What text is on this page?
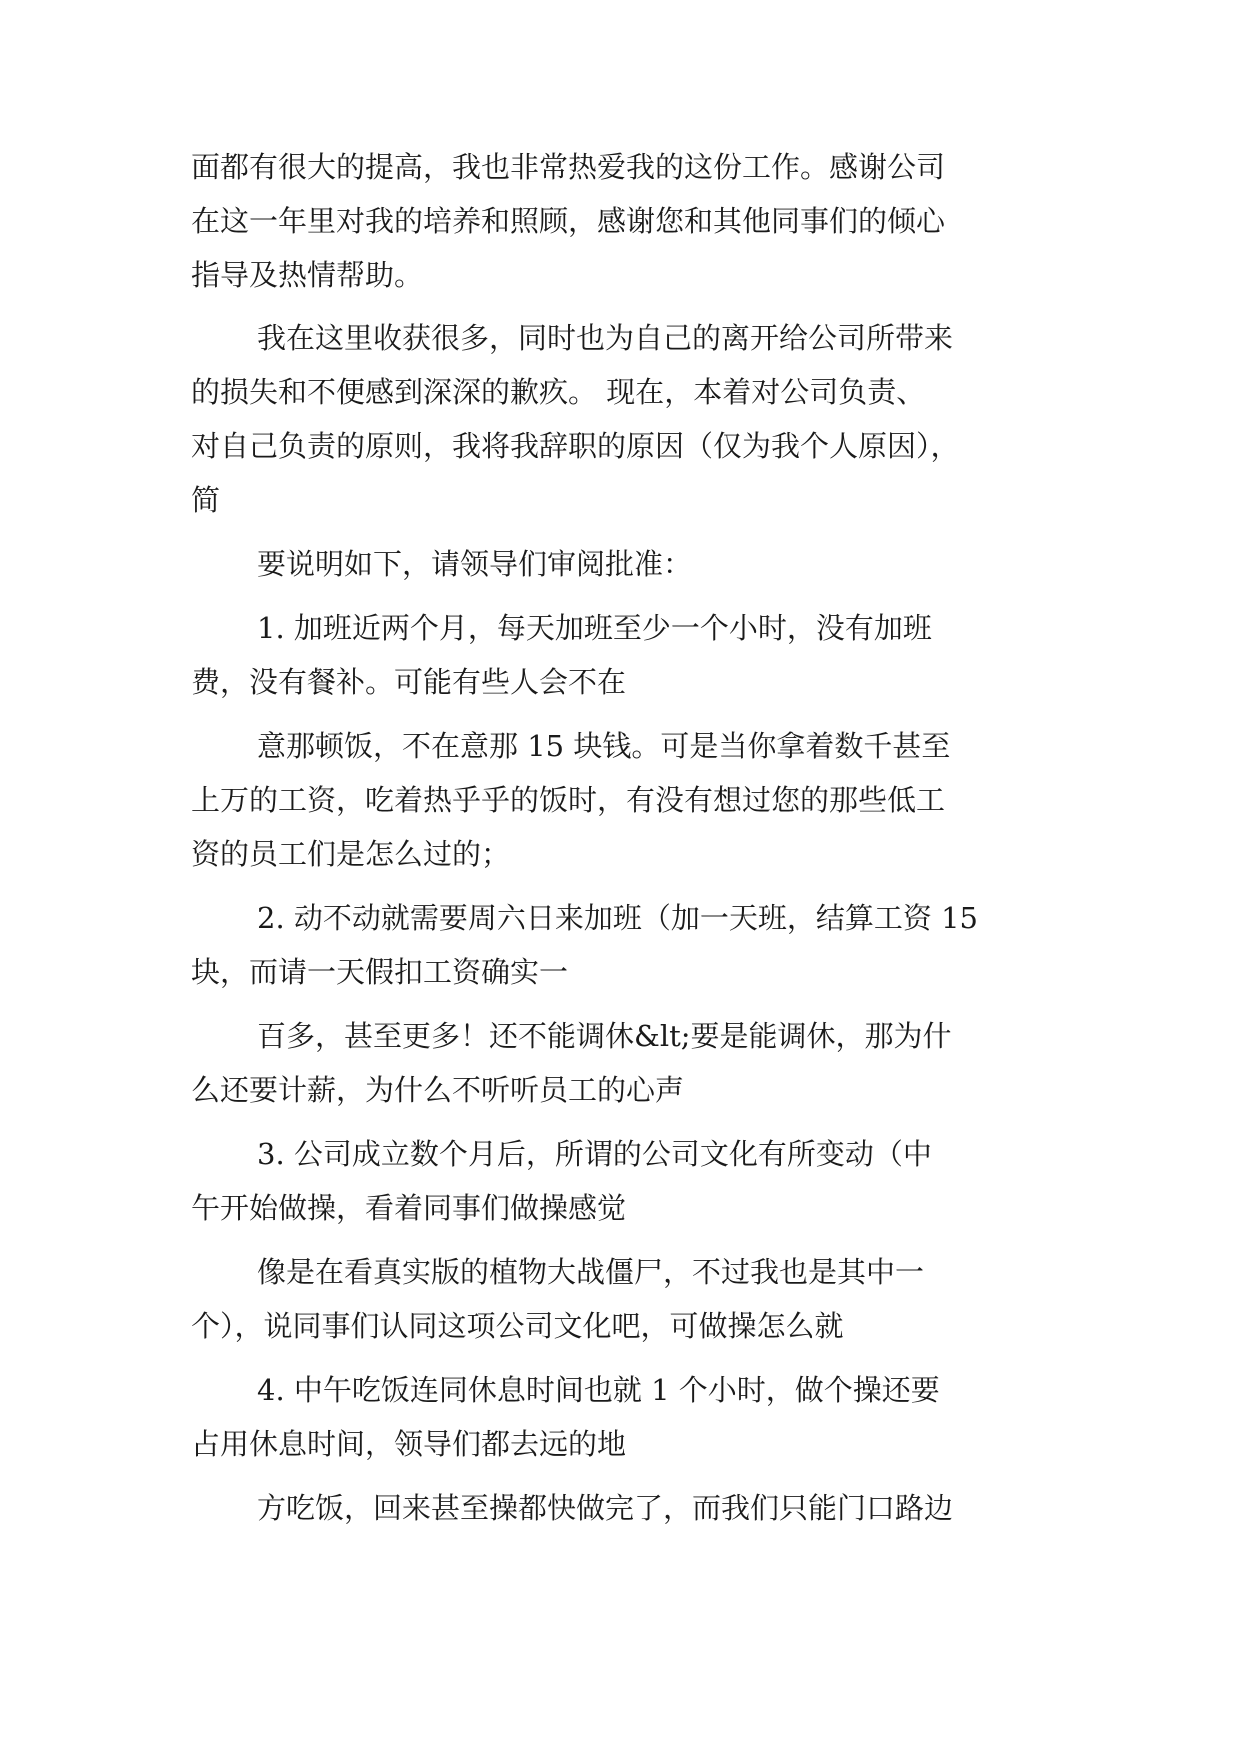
面都有很大的提高，我也非常热爱我的这份工作。感谢公司
在这一年里对我的培养和照顾，感谢您和其他同事们的倾心
指导及热情帮助。
我在这里收获很多，同时也为自己的离开给公司所带来
的损失和不便感到深深的歉疚。 现在，本着对公司负责、
对自己负责的原则，我将我辞职的原因（仅为我个人原因），
简
要说明如下，请领导们审阅批准：
1. 加班近两个月，每天加班至少一个小时，没有加班
费，没有餐补。可能有些人会不在
意那顿饭，不在意那 15 块钱。可是当你拿着数千甚至
上万的工资，吃着热乎乎的饭时，有没有想过您的那些低工
资的员工们是怎么过的；
2. 动不动就需要周六日来加班（加一天班，结算工资 15
块，而请一天假扣工资确实一
百多，甚至更多！还不能调休&lt;要是能调休，那为什
么还要计薪，为什么不听听员工的心声
3. 公司成立数个月后，所谓的公司文化有所变动（中
午开始做操，看着同事们做操感觉
像是在看真实版的植物大战僵尸，不过我也是其中一
个），说同事们认同这项公司文化吧，可做操怎么就
4. 中午吃饭连同休息时间也就 1 个小时，做个操还要
占用休息时间，领导们都去远的地
方吃饭，回来甚至操都快做完了，而我们只能门口路边
